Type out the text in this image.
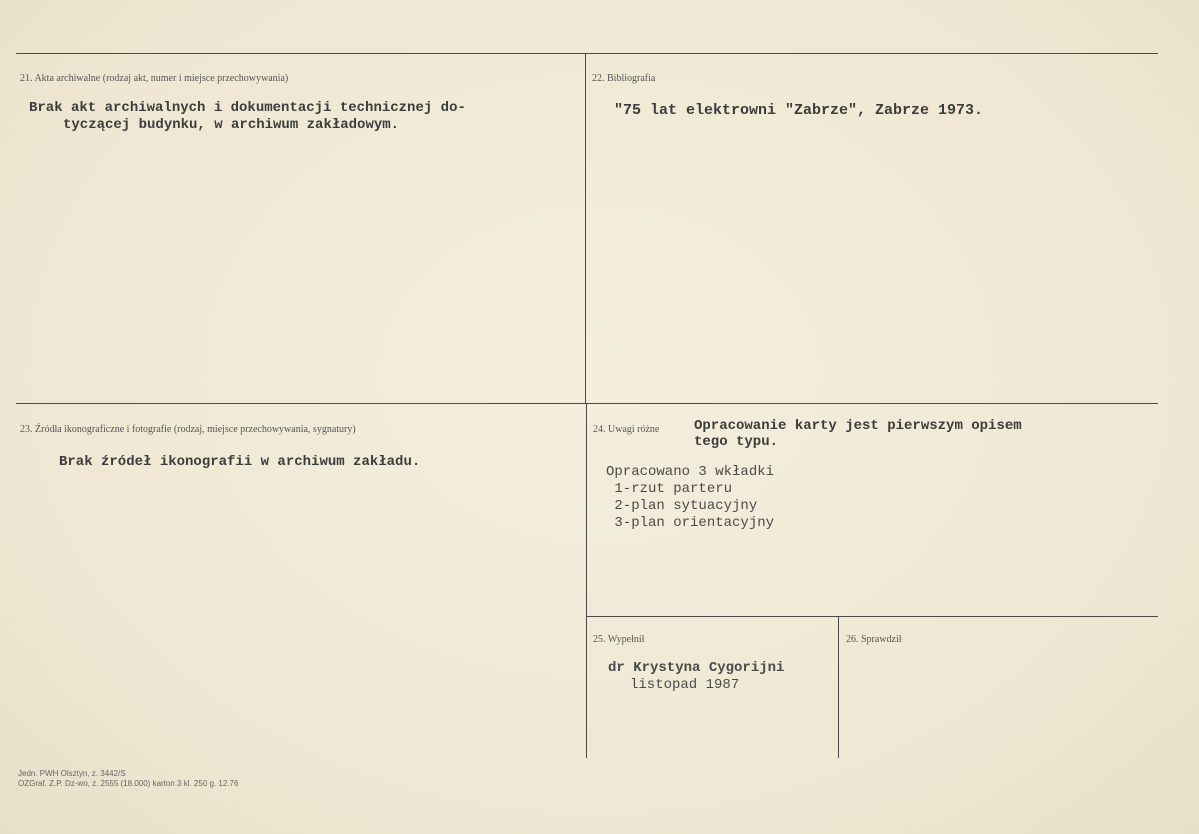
21. Akta archiwalne (rodzaj akt, numer i miejsce przechowywania)
Brak akt archiwalnych i dokumentacji technicznej do-
tyczącej budynku, w archiwum zakładowym.
22. Bibliografia
"75 lat elektrowni "Zabrze", Zabrze 1973.
23. Źródła ikonograficzne i fotografie (rodzaj, miejsce przechowywania, sygnatury)
Brak źródeł ikonografii w archiwum zakładu.
24. Uwagi różne Opracowanie karty jest pierwszym opisem
tego typu.
Opracowano 3 wkładki
1-rzut parteru
2-plan sytuacyjny
3-plan orientacyjny
25. Wypełnił
dr Krystyna Cygorijni
listopad 1987
26. Sprawdził
Jedn. PWH Olsztyn, z. 3442/S
OZGraf. Z.P. Dz-wo, z. 2555 (18.000) karton 3 kl. 250 g. 12.76
